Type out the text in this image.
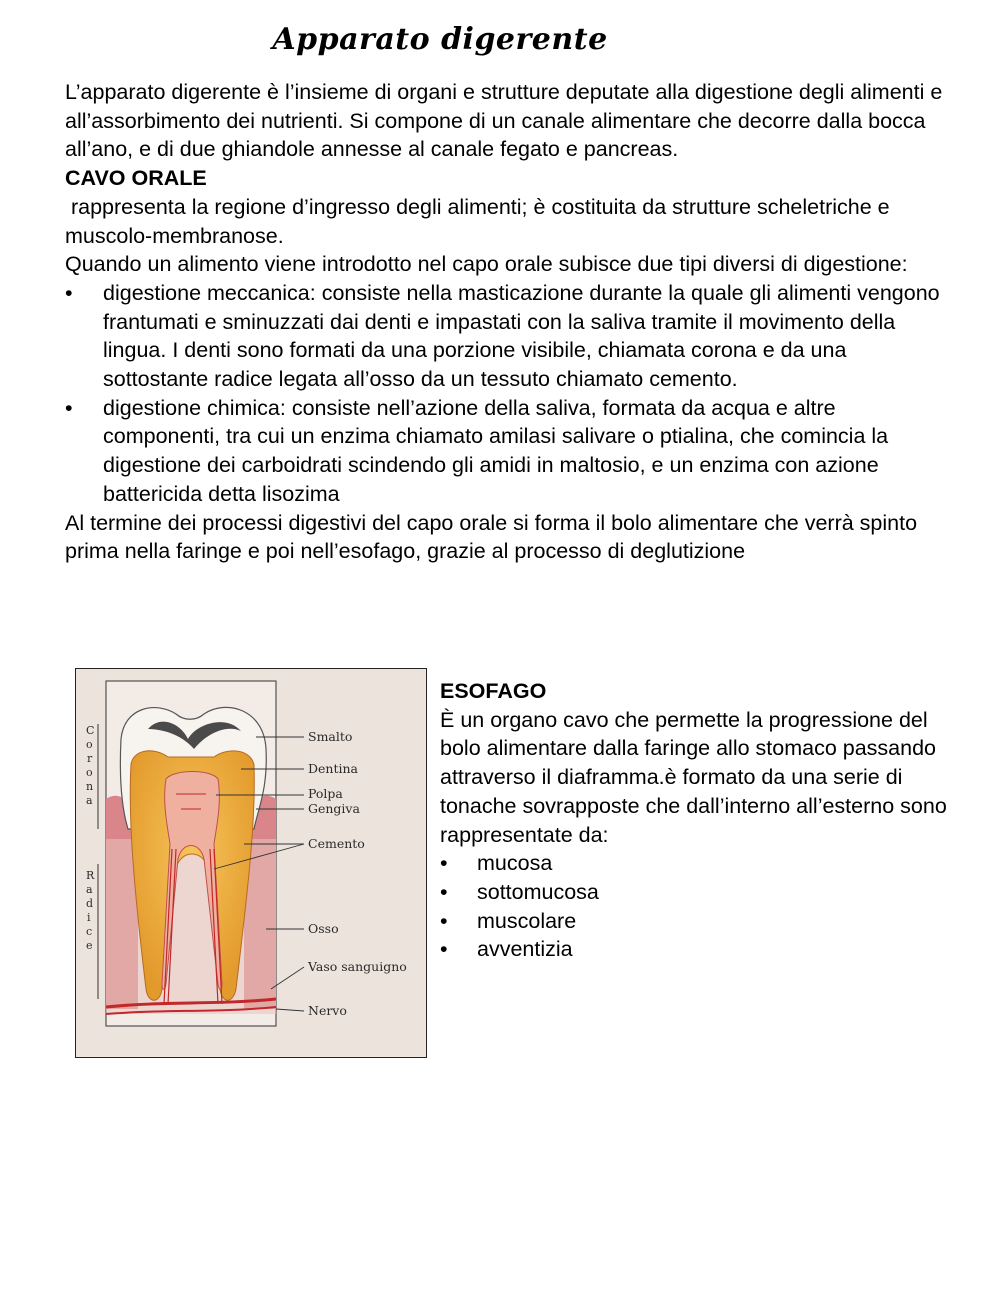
Apparato digerente

L’apparato digerente è l’insieme di organi e strutture deputate alla digestione degli alimenti e all’assorbimento dei nutrienti. Si compone di un canale alimentare che decorre dalla bocca all’ano, e di due ghiandole annesse al canale fegato e pancreas.

CAVO ORALE

rappresenta la regione d’ingresso degli alimenti; è costituita da strutture scheletriche e muscolo-membranose.

Quando un alimento viene introdotto nel capo orale subisce due tipi diversi di digestione:

• digestione meccanica: consiste nella masticazione durante la quale gli alimenti vengono frantumati e sminuzzati dai denti e impastati con la saliva tramite il movimento della lingua. I denti sono formati da una porzione visibile, chiamata corona e da una sottostante radice legata all’osso da un tessuto chiamato cemento.
• digestione chimica: consiste nell’azione della saliva, formata da acqua e altre componenti, tra cui un enzima chiamato amilasi salivare o ptialina, che comincia la digestione dei carboidrati scindendo gli amidi in maltosio, e un enzima con azione battericida detta lisozima

Al termine dei processi digestivi del capo orale si forma il bolo alimentare che verrà spinto prima nella faringe e poi nell’esofago, grazie al processo di deglutizione

C o r o n a
R a d i c e
Smalto
Dentina
Polpa
Gengiva
Cemento
Osso
Vaso sanguigno
Nervo

ESOFAGO

È un organo cavo che permette la progressione del bolo alimentare dalla faringe allo stomaco passando attraverso il diaframma.è formato da una serie di tonache sovrapposte che dall’interno all’esterno sono rappresentate da:

• mucosa
• sottomucosa
• muscolare
• avventizia
